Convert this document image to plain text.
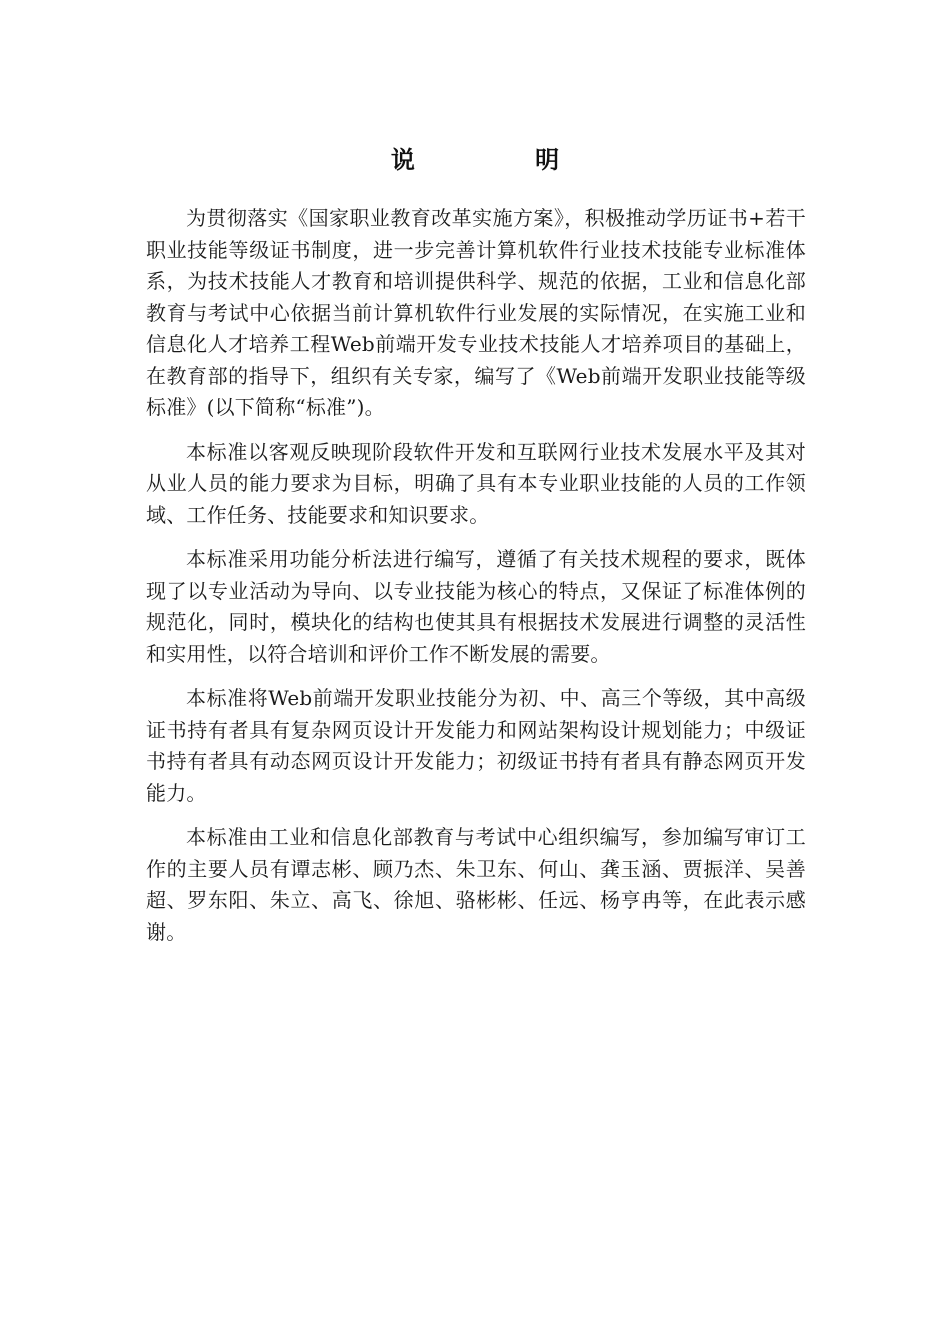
说 明

为贯彻落实《国家职业教育改革实施方案》，积极推动学历证书+若干职业技能等级证书制度，进一步完善计算机软件行业技术技能专业标准体系，为技术技能人才教育和培训提供科学、规范的依据，工业和信息化部教育与考试中心依据当前计算机软件行业发展的实际情况，在实施工业和信息化人才培养工程Web前端开发专业技术技能人才培养项目的基础上，在教育部的指导下，组织有关专家，编写了《Web前端开发职业技能等级标准》(以下简称“标准”)。

本标准以客观反映现阶段软件开发和互联网行业技术发展水平及其对从业人员的能力要求为目标，明确了具有本专业职业技能的人员的工作领域、工作任务、技能要求和知识要求。

本标准采用功能分析法进行编写，遵循了有关技术规程的要求，既体现了以专业活动为导向、以专业技能为核心的特点，又保证了标准体例的规范化，同时，模块化的结构也使其具有根据技术发展进行调整的灵活性和实用性，以符合培训和评价工作不断发展的需要。

本标准将Web前端开发职业技能分为初、中、高三个等级，其中高级证书持有者具有复杂网页设计开发能力和网站架构设计规划能力；中级证书持有者具有动态网页设计开发能力；初级证书持有者具有静态网页开发能力。

本标准由工业和信息化部教育与考试中心组织编写，参加编写审订工作的主要人员有谭志彬、顾乃杰、朱卫东、何山、龚玉涵、贾振洋、吴善超、罗东阳、朱立、高飞、徐旭、骆彬彬、任远、杨亨冉等，在此表示感谢。
